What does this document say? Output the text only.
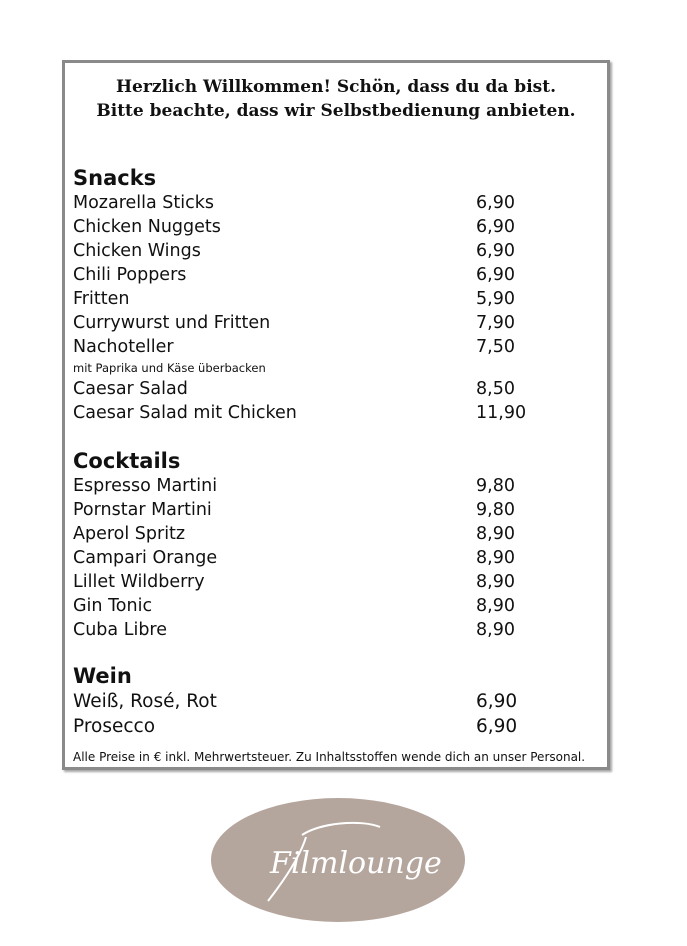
Herzlich Willkommen! Schön, dass du da bist.
Bitte beachte, dass wir Selbstbedienung anbieten.
Snacks
Mozarella Sticks	6,90
Chicken Nuggets	6,90
Chicken Wings	6,90
Chili Poppers	6,90
Fritten	5,90
Currywurst und Fritten	7,90
Nachoteller	7,50
mit Paprika und Käse überbacken
Caesar Salad	8,50
Caesar Salad mit Chicken	11,90
Cocktails
Espresso Martini	9,80
Pornstar Martini	9,80
Aperol Spritz	8,90
Campari Orange	8,90
Lillet Wildberry	8,90
Gin Tonic	8,90
Cuba Libre	8,90
Wein
Weiß, Rosé, Rot	6,90
Prosecco	6,90
Alle Preise in € inkl. Mehrwertsteuer. Zu Inhaltsstoffen wende dich an unser Personal.
Filmlounge
